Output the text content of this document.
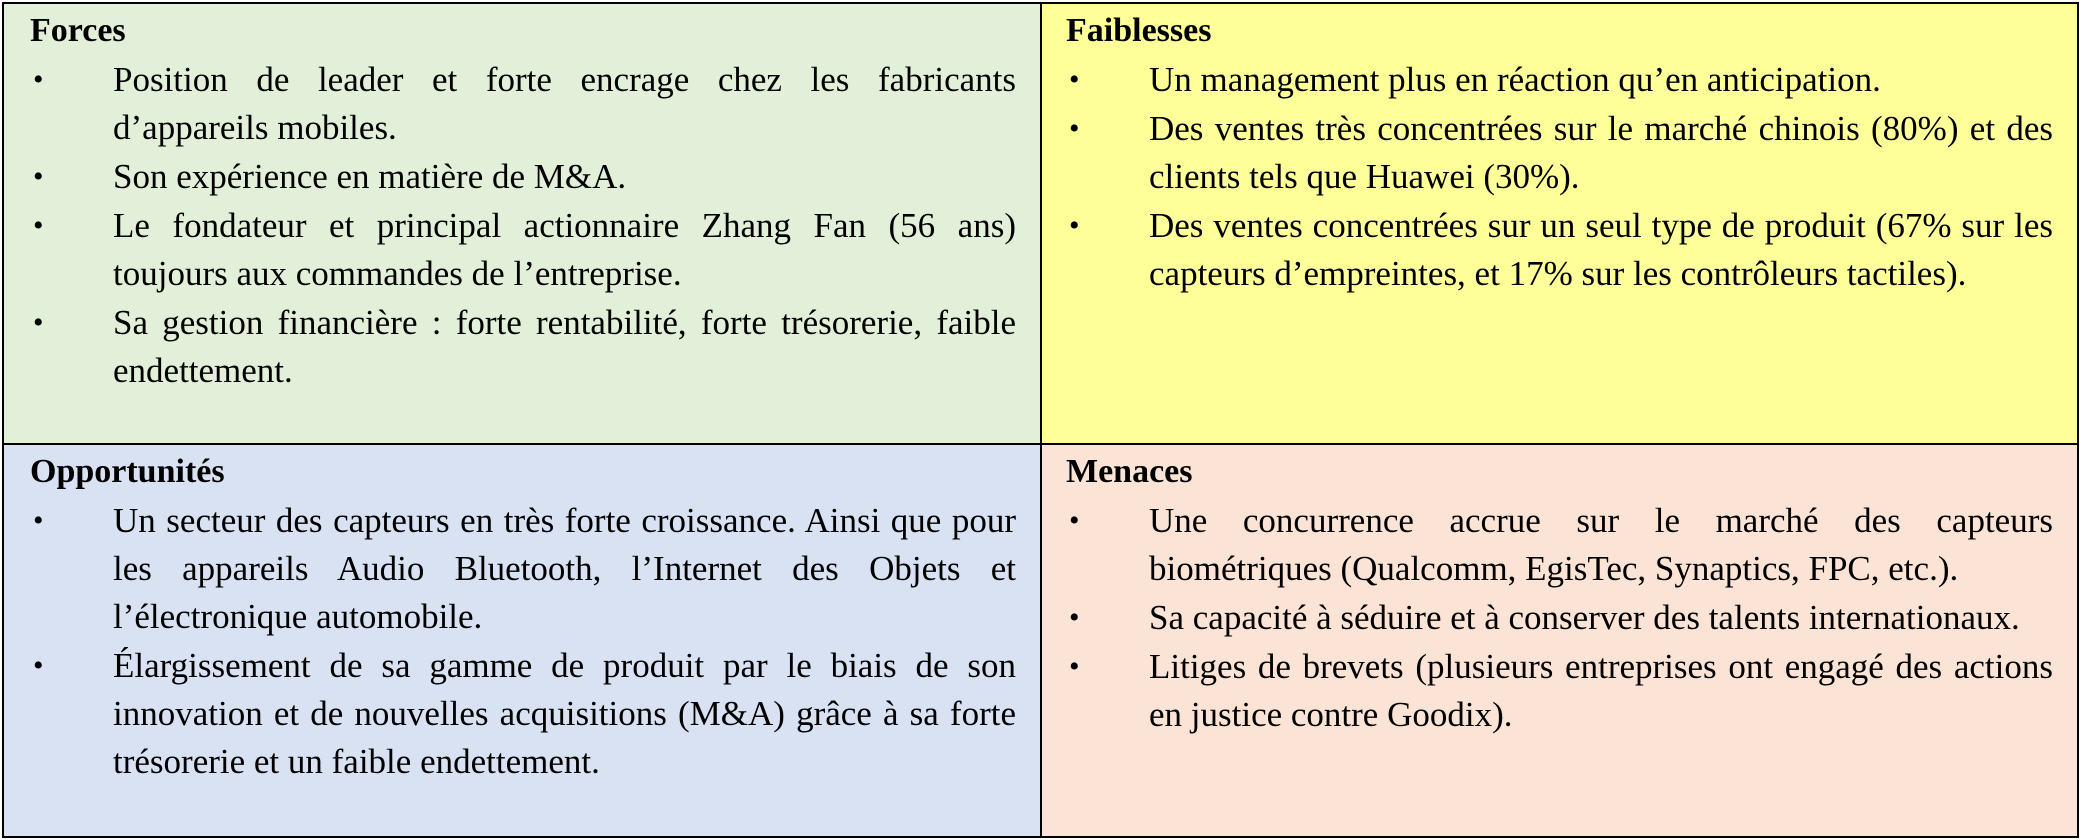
Forces
• Position de leader et forte encrage chez les fabricants d’appareils mobiles.
• Son expérience en matière de M&A.
• Le fondateur et principal actionnaire Zhang Fan (56 ans) toujours aux commandes de l’entreprise.
• Sa gestion financière : forte rentabilité, forte trésorerie, faible endettement.
Faiblesses
• Un management plus en réaction qu’en anticipation.
• Des ventes très concentrées sur le marché chinois (80%) et des clients tels que Huawei (30%).
• Des ventes concentrées sur un seul type de produit (67% sur les capteurs d’empreintes, et 17% sur les contrôleurs tactiles).
Opportunités
• Un secteur des capteurs en très forte croissance. Ainsi que pour les appareils Audio Bluetooth, l’Internet des Objets et l’électronique automobile.
• Élargissement de sa gamme de produit par le biais de son innovation et de nouvelles acquisitions (M&A) grâce à sa forte trésorerie et un faible endettement.
Menaces
• Une concurrence accrue sur le marché des capteurs biométriques (Qualcomm, EgisTec, Synaptics, FPC, etc.).
• Sa capacité à séduire et à conserver des talents internationaux.
• Litiges de brevets (plusieurs entreprises ont engagé des actions en justice contre Goodix).
